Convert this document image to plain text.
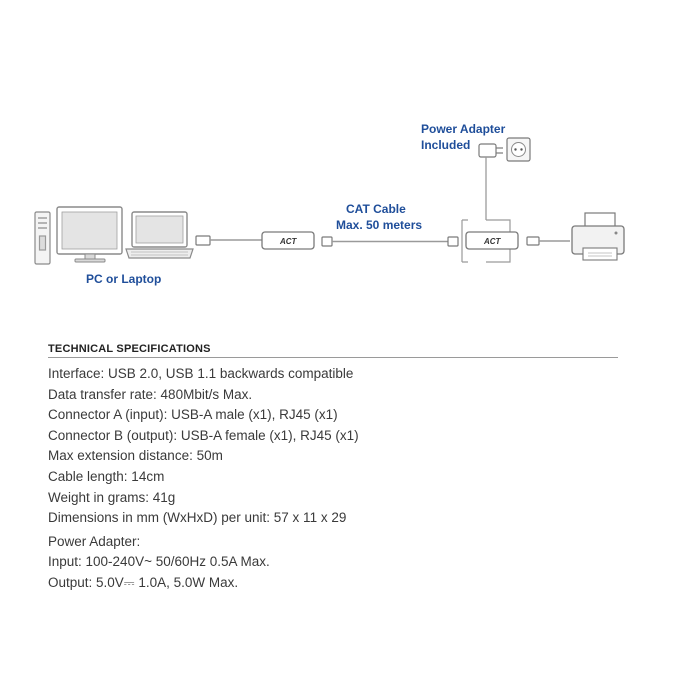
PC or Laptop
ACT
CAT Cable
Max. 50 meters
Power Adapter
Included
ACT
TECHNICAL SPECIFICATIONS
Interface: USB 2.0, USB 1.1 backwards compatible
Data transfer rate: 480Mbit/s Max.
Connector A (input): USB-A male (x1), RJ45 (x1)
Connector B (output): USB-A female (x1), RJ45 (x1)
Max extension distance: 50m
Cable length: 14cm
Weight in grams: 41g
Dimensions in mm (WxHxD) per unit: 57 x 11 x 29
Power Adapter:
Input: 100-240V~ 50/60Hz 0.5A Max.
Output: 5.0V⎓ 1.0A, 5.0W Max.
